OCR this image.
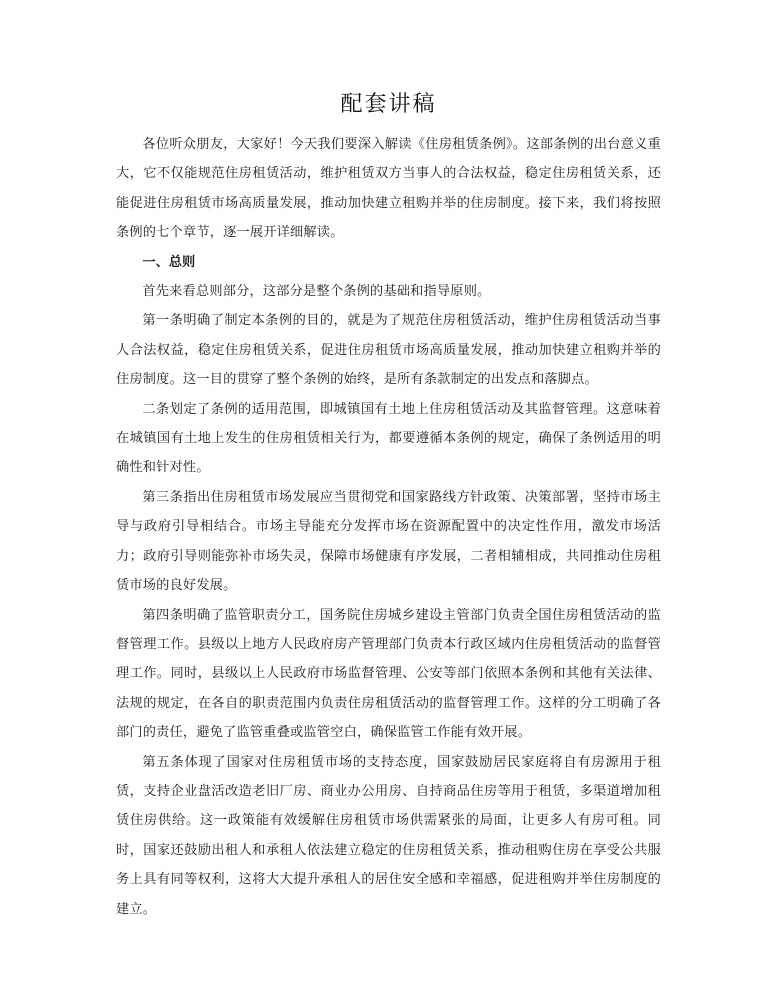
配套讲稿

各位听众朋友，大家好！今天我们要深入解读《住房租赁条例》。这部条例的出台意义重大，它不仅能规范住房租赁活动，维护租赁双方当事人的合法权益，稳定住房租赁关系，还能促进住房租赁市场高质量发展，推动加快建立租购并举的住房制度。接下来，我们将按照条例的七个章节，逐一展开详细解读。

一、总则

首先来看总则部分，这部分是整个条例的基础和指导原则。

第一条明确了制定本条例的目的，就是为了规范住房租赁活动，维护住房租赁活动当事人合法权益，稳定住房租赁关系，促进住房租赁市场高质量发展，推动加快建立租购并举的住房制度。这一目的贯穿了整个条例的始终，是所有条款制定的出发点和落脚点。

二条划定了条例的适用范围，即城镇国有土地上住房租赁活动及其监督管理。这意味着在城镇国有土地上发生的住房租赁相关行为，都要遵循本条例的规定，确保了条例适用的明确性和针对性。

第三条指出住房租赁市场发展应当贯彻党和国家路线方针政策、决策部署，坚持市场主导与政府引导相结合。市场主导能充分发挥市场在资源配置中的决定性作用，激发市场活力；政府引导则能弥补市场失灵，保障市场健康有序发展，二者相辅相成，共同推动住房租赁市场的良好发展。

第四条明确了监管职责分工，国务院住房城乡建设主管部门负责全国住房租赁活动的监督管理工作。县级以上地方人民政府房产管理部门负责本行政区域内住房租赁活动的监督管理工作。同时，县级以上人民政府市场监督管理、公安等部门依照本条例和其他有关法律、法规的规定，在各自的职责范围内负责住房租赁活动的监督管理工作。这样的分工明确了各部门的责任，避免了监管重叠或监管空白，确保监管工作能有效开展。

第五条体现了国家对住房租赁市场的支持态度，国家鼓励居民家庭将自有房源用于租赁，支持企业盘活改造老旧厂房、商业办公用房、自持商品住房等用于租赁，多渠道增加租赁住房供给。这一政策能有效缓解住房租赁市场供需紧张的局面，让更多人有房可租。同时，国家还鼓励出租人和承租人依法建立稳定的住房租赁关系，推动租购住房在享受公共服务上具有同等权利，这将大大提升承租人的居住安全感和幸福感，促进租购并举住房制度的建立。
